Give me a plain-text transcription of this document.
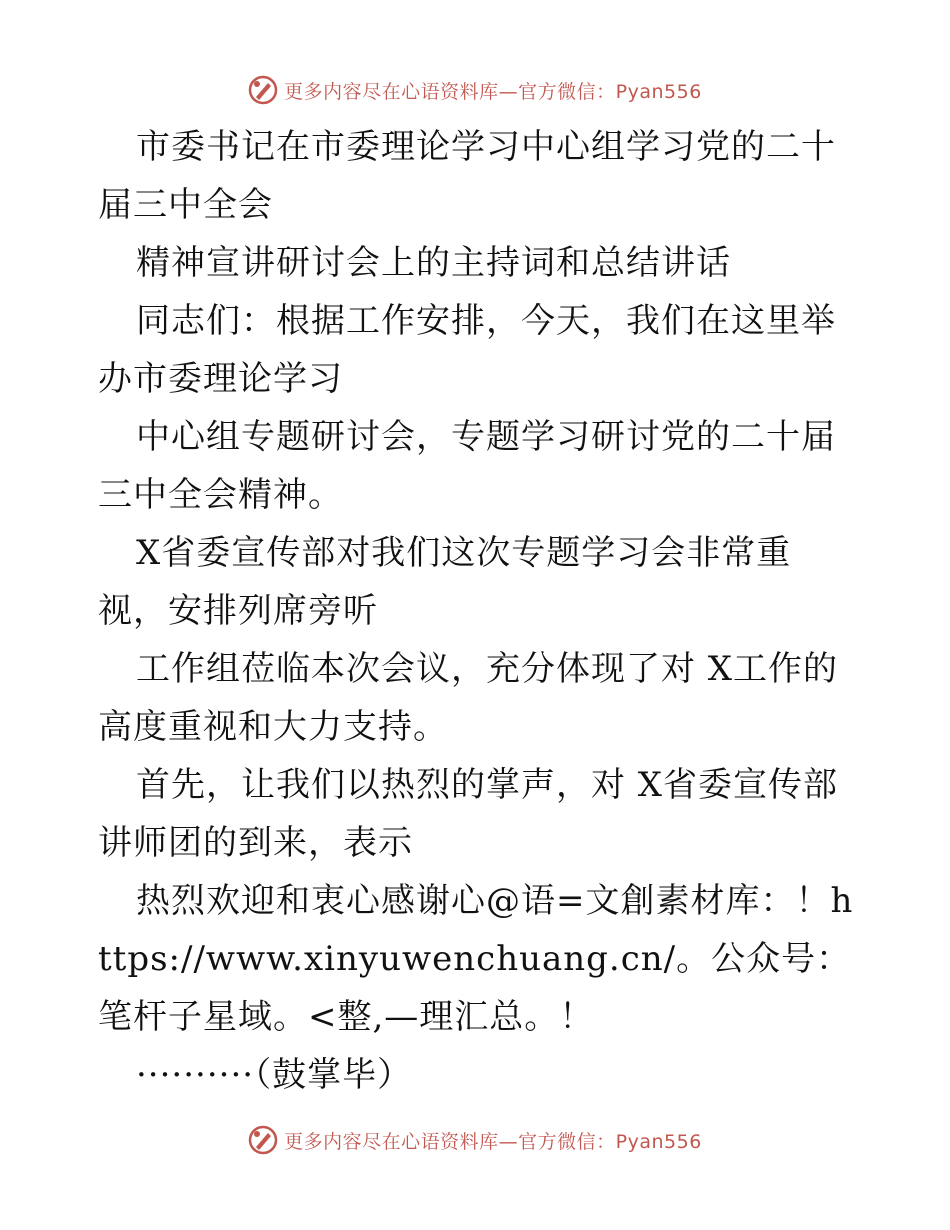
更多内容尽在心语资料库—官方微信：Pyan556

市委书记在市委理论学习中心组学习党的二十届三中全会

精神宣讲研讨会上的主持词和总结讲话

同志们：根据工作安排，今天，我们在这里举办市委理论学习

中心组专题研讨会，专题学习研讨党的二十届三中全会精神。

X省委宣传部对我们这次专题学习会非常重视，安排列席旁听

工作组莅临本次会议，充分体现了对 X工作的高度重视和大力支持。

首先，让我们以热烈的掌声，对 X省委宣传部讲师团的到来，表示

热烈欢迎和衷心感谢心@语=文創素材库：！https://www.xinyuwenchuang.cn/。公众号：笔杆子星域。<整,—理汇总。！

··········（鼓掌毕）

更多内容尽在心语资料库—官方微信：Pyan556
